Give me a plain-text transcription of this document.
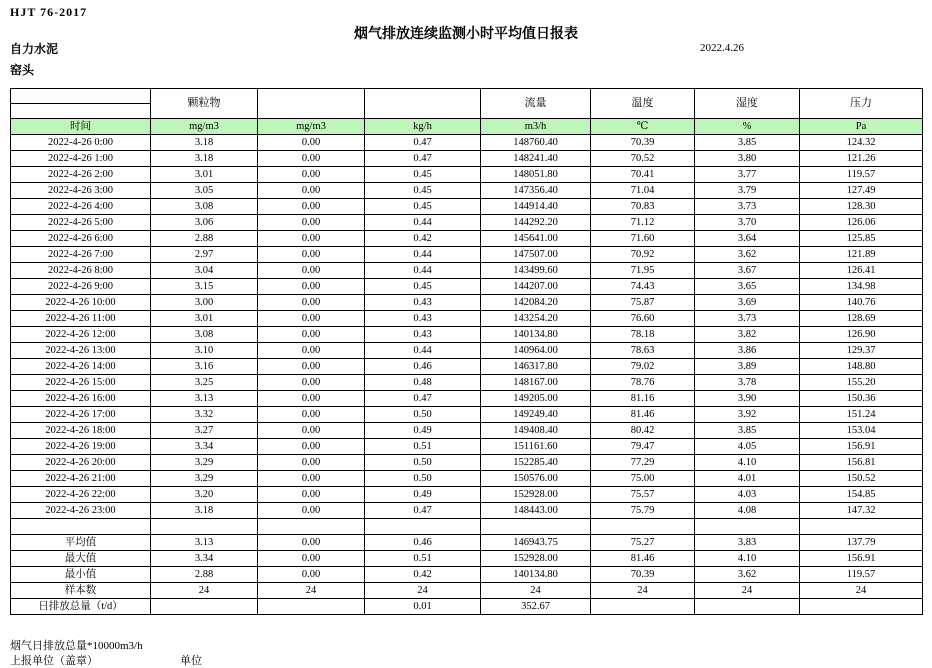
HJT 76-2017
烟气排放连续监测小时平均值日报表
自力水泥	2022.4.26
窑头
	颗粒物			流量	温度	湿度	压力
时间	mg/m3	mg/m3	kg/h	m3/h	℃	%	Pa
2022-4-26 0:00	3.18	0.00	0.47	148760.40	70.39	3.85	124.32
2022-4-26 1:00	3.18	0.00	0.47	148241.40	70.52	3.80	121.26
2022-4-26 2:00	3.01	0.00	0.45	148051.80	70.41	3.77	119.57
2022-4-26 3:00	3.05	0.00	0.45	147356.40	71.04	3.79	127.49
2022-4-26 4:00	3.08	0.00	0.45	144914.40	70.83	3.73	128.30
2022-4-26 5:00	3.06	0.00	0.44	144292.20	71.12	3.70	126.06
2022-4-26 6:00	2.88	0.00	0.42	145641.00	71.60	3.64	125.85
2022-4-26 7:00	2.97	0.00	0.44	147507.00	70.92	3.62	121.89
2022-4-26 8:00	3.04	0.00	0.44	143499.60	71.95	3.67	126.41
2022-4-26 9:00	3.15	0.00	0.45	144207.00	74.43	3.65	134.98
2022-4-26 10:00	3.00	0.00	0.43	142084.20	75.87	3.69	140.76
2022-4-26 11:00	3.01	0.00	0.43	143254.20	76.60	3.73	128.69
2022-4-26 12:00	3.08	0.00	0.43	140134.80	78.18	3.82	126.90
2022-4-26 13:00	3.10	0.00	0.44	140964.00	78.63	3.86	129.37
2022-4-26 14:00	3.16	0.00	0.46	146317.80	79.02	3.89	148.80
2022-4-26 15:00	3.25	0.00	0.48	148167.00	78.76	3.78	155.20
2022-4-26 16:00	3.13	0.00	0.47	149205.00	81.16	3.90	150.36
2022-4-26 17:00	3.32	0.00	0.50	149249.40	81.46	3.92	151.24
2022-4-26 18:00	3.27	0.00	0.49	149408.40	80.42	3.85	153.04
2022-4-26 19:00	3.34	0.00	0.51	151161.60	79.47	4.05	156.91
2022-4-26 20:00	3.29	0.00	0.50	152285.40	77.29	4.10	156.81
2022-4-26 21:00	3.29	0.00	0.50	150576.00	75.00	4.01	150.52
2022-4-26 22:00	3.20	0.00	0.49	152928.00	75.57	4.03	154.85
2022-4-26 23:00	3.18	0.00	0.47	148443.00	75.79	4.08	147.32

平均值	3.13	0.00	0.46	146943.75	75.27	3.83	137.79
最大值	3.34	0.00	0.51	152928.00	81.46	4.10	156.91
最小值	2.88	0.00	0.42	140134.80	70.39	3.62	119.57
样本数	24	24	24	24	24	24	24
日排放总量（t/d）			0.01	352.67			
烟气日排放总量*10000m3/h
上报单位（盖章）	单位
